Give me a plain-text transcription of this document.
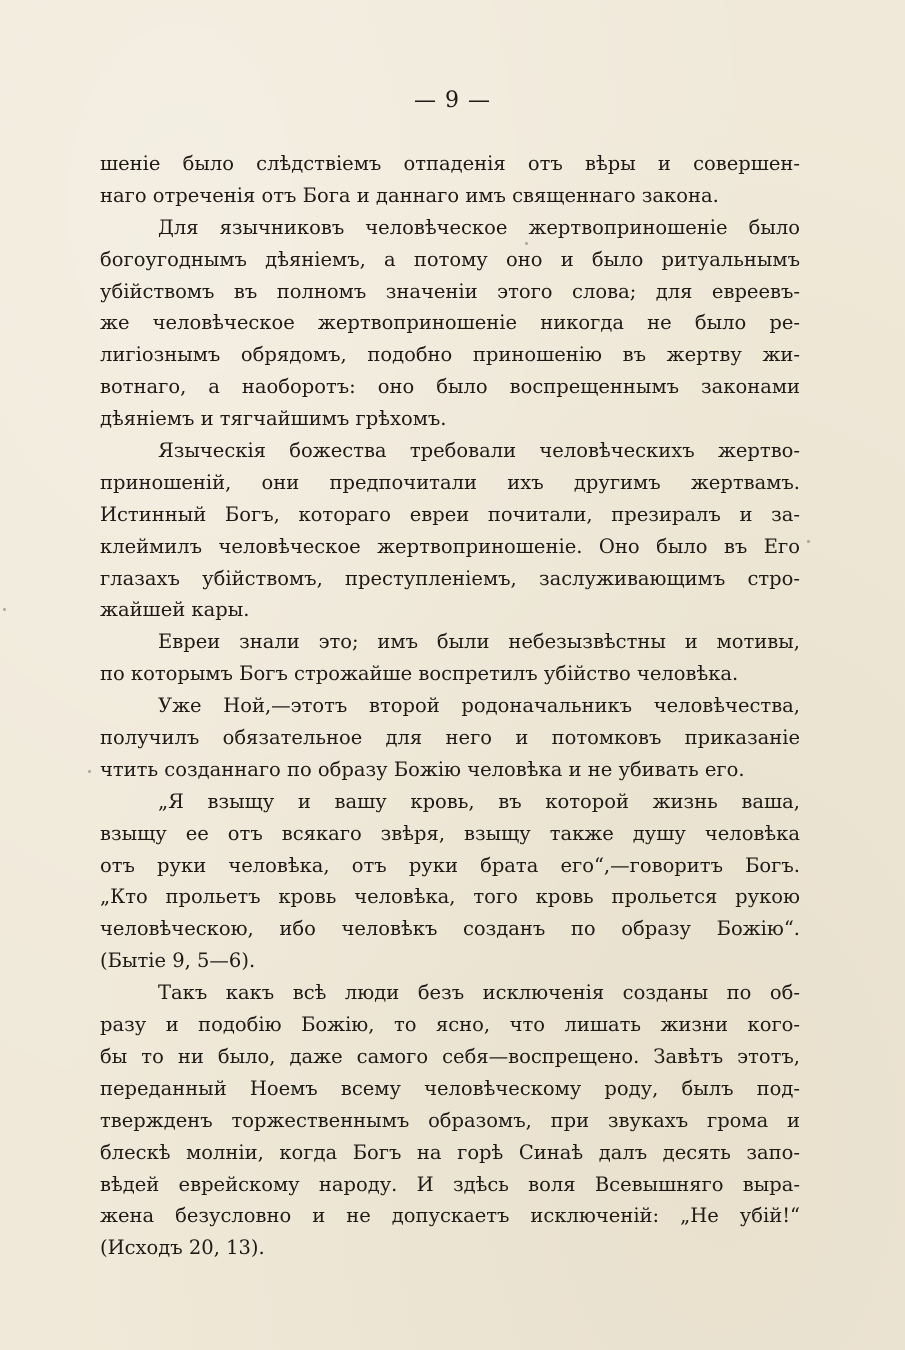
— 9 —
шеніе было слѣдствіемъ отпаденія отъ вѣры и совершен-
наго отреченія отъ Бога и даннаго имъ священнаго закона.
Для язычниковъ человѣческое жертвоприношеніе было
богоугоднымъ дѣяніемъ, а потому оно и было ритуальнымъ
убійствомъ въ полномъ значеніи этого слова; для евреевъ-
же человѣческое жертвоприношеніе никогда не было ре-
лигіознымъ обрядомъ, подобно приношенію въ жертву жи-
вотнаго, а наоборотъ: оно было воспрещеннымъ законами
дѣяніемъ и тягчайшимъ грѣхомъ.
Языческія божества требовали человѣческихъ жертво-
приношеній, они предпочитали ихъ другимъ жертвамъ.
Истинный Богъ, котораго евреи почитали, презиралъ и за-
клеймилъ человѣческое жертвоприношеніе. Оно было въ Его
глазахъ убійствомъ, преступленіемъ, заслуживающимъ стро-
жайшей кары.
Евреи знали это; имъ были небезызвѣстны и мотивы,
по которымъ Богъ строжайше воспретилъ убійство человѣка.
Уже Ной,—этотъ второй родоначальникъ человѣчества,
получилъ обязательное для него и потомковъ приказаніе
чтить созданнаго по образу Божію человѣка и не убивать его.
„Я взыщу и вашу кровь, въ которой жизнь ваша,
взыщу ее отъ всякаго звѣря, взыщу также душу человѣка
отъ руки человѣка, отъ руки брата его“,—говоритъ Богъ.
„Кто прольетъ кровь человѣка, того кровь прольется рукою
человѣческою, ибо человѣкъ созданъ по образу Божію“.
(Бытіе 9, 5—6).
Такъ какъ всѣ люди безъ исключенія созданы по об-
разу и подобію Божію, то ясно, что лишать жизни кого-
бы то ни было, даже самого себя—воспрещено. Завѣтъ этотъ,
переданный Ноемъ всему человѣческому роду, былъ под-
твержденъ торжественнымъ образомъ, при звукахъ грома и
блескѣ молніи, когда Богъ на горѣ Синаѣ далъ десять запо-
вѣдей еврейскому народу. И здѣсь воля Всевышняго выра-
жена безусловно и не допускаетъ исключеній: „Не убій!“
(Исходъ 20, 13).
